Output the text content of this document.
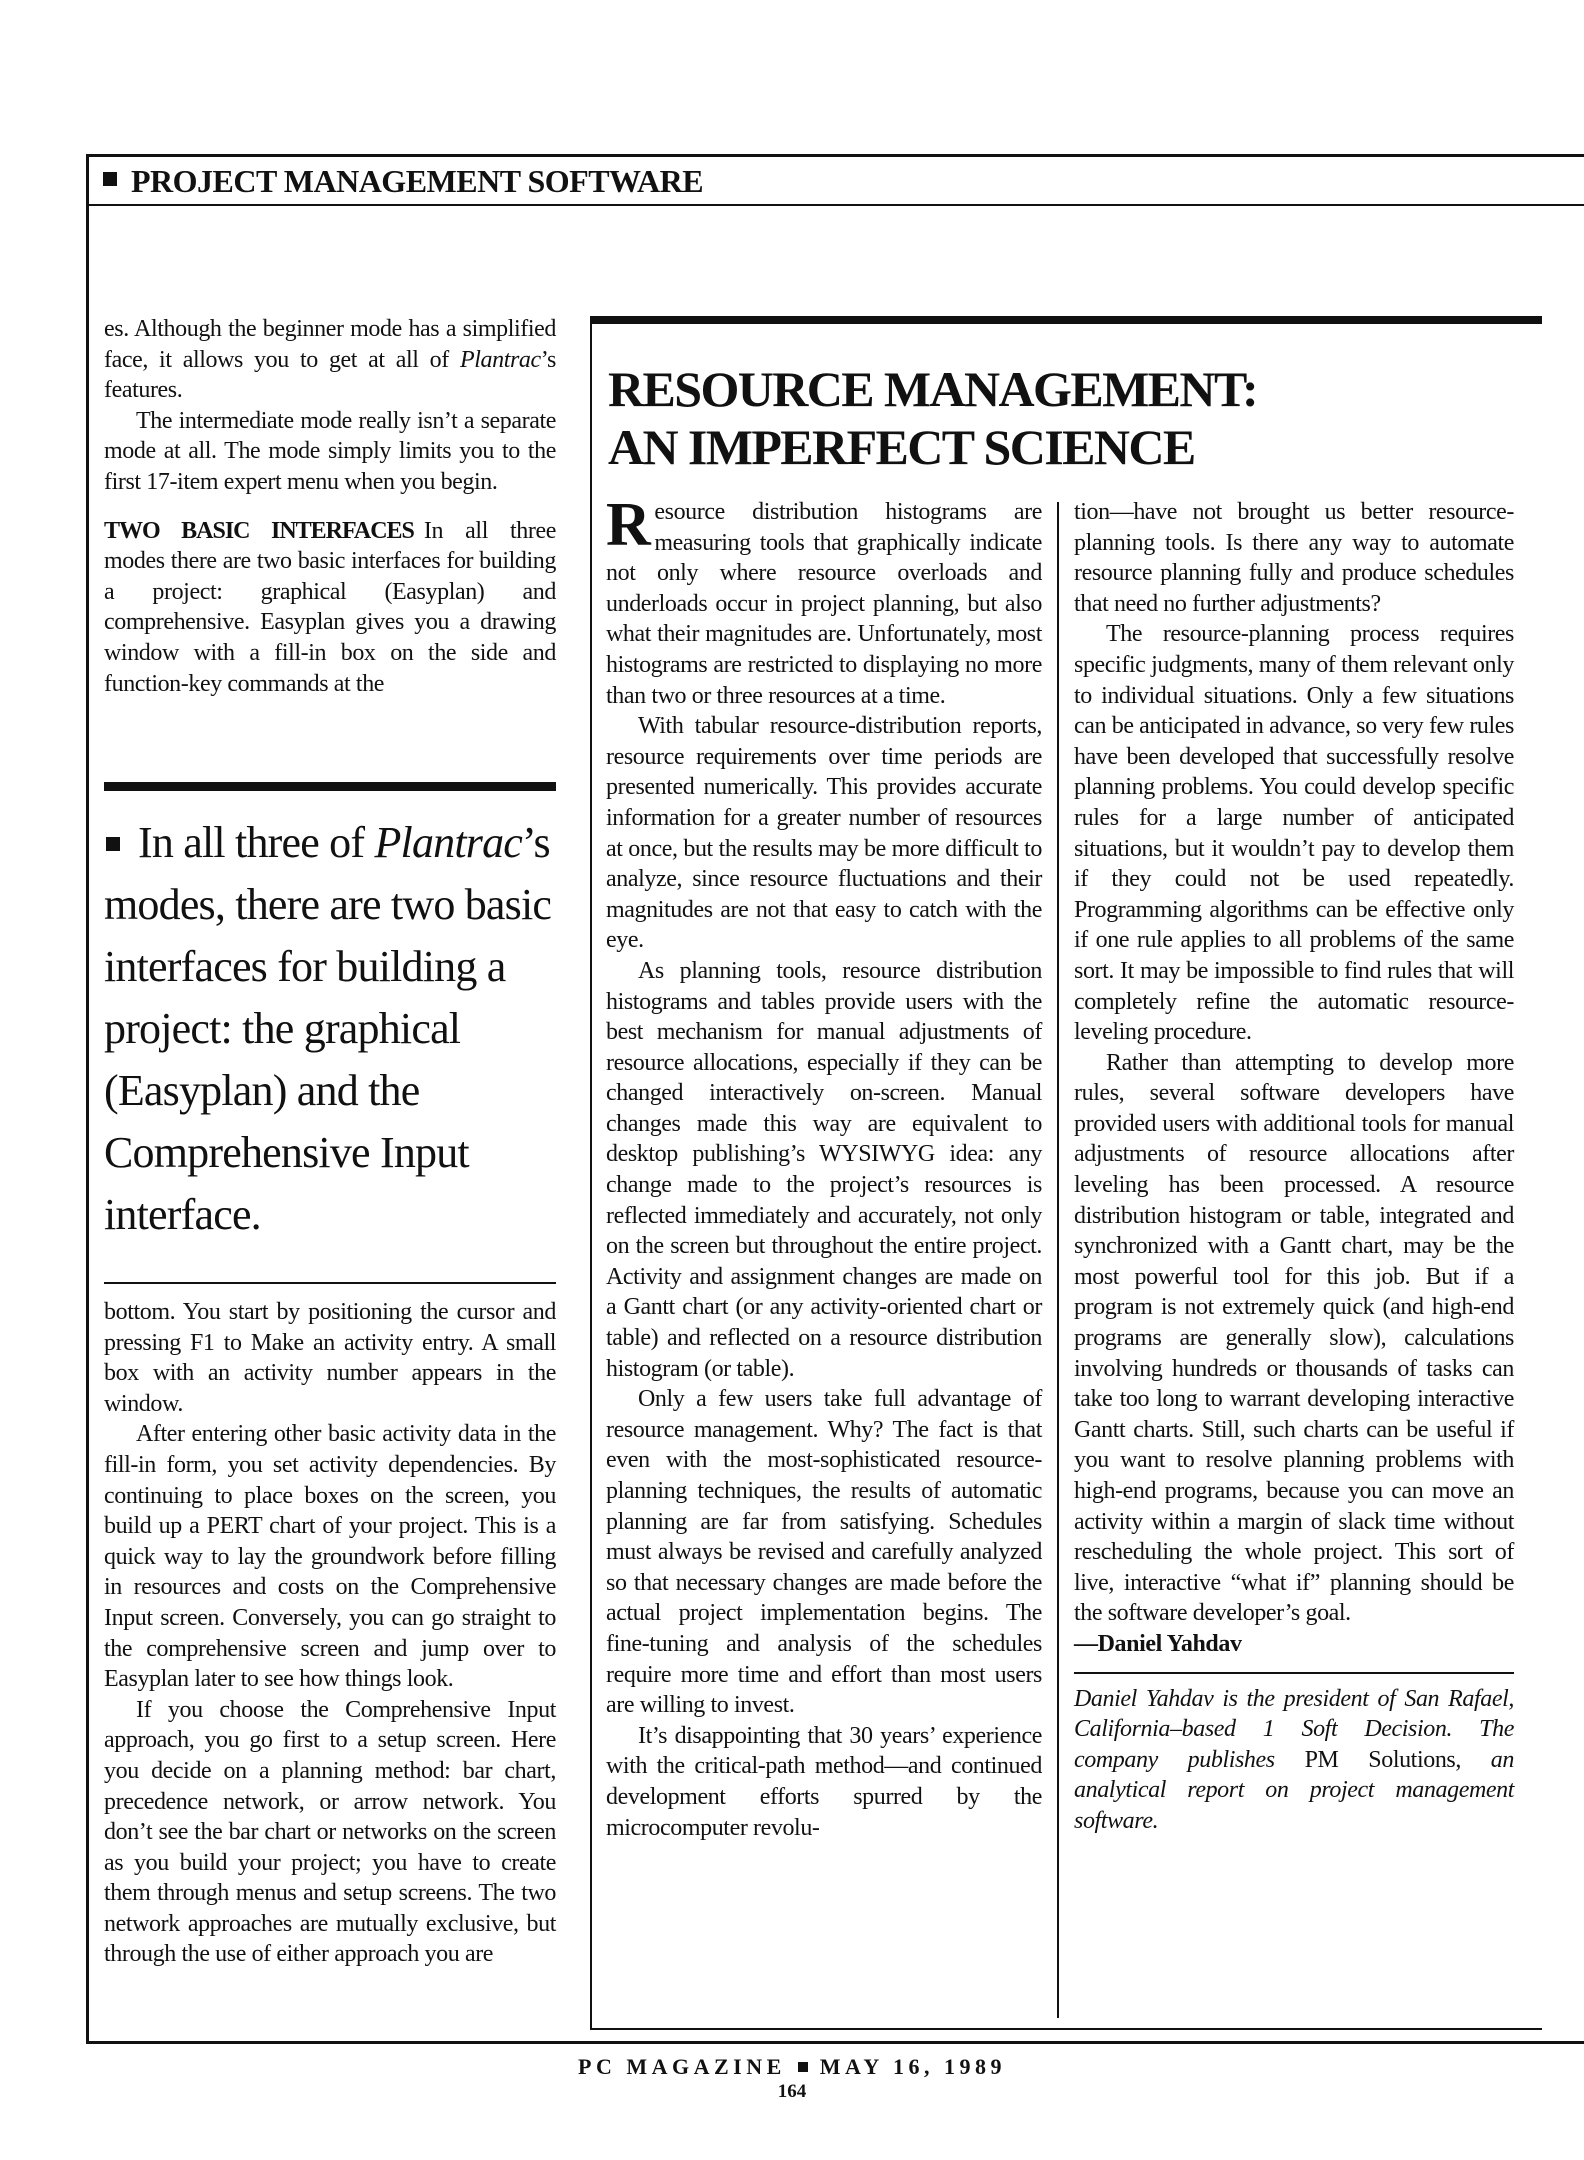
PROJECT MANAGEMENT SOFTWARE

es. Although the beginner mode has a simplified face, it allows you to get at all of Plantrac’s features.

The intermediate mode really isn’t a separate mode at all. The mode simply limits you to the first 17-item expert menu when you begin.

TWO BASIC INTERFACES In all three modes there are two basic interfaces for building a project: graphical (Easyplan) and comprehensive. Easyplan gives you a drawing window with a fill-in box on the side and function-key commands at the

In all three of Plantrac’s modes, there are two basic interfaces for building a project: the graphical (Easyplan) and the Comprehensive Input interface.

bottom. You start by positioning the cursor and pressing F1 to Make an activity entry. A small box with an activity number appears in the window.

After entering other basic activity data in the fill-in form, you set activity dependencies. By continuing to place boxes on the screen, you build up a PERT chart of your project. This is a quick way to lay the groundwork before filling in resources and costs on the Comprehensive Input screen. Conversely, you can go straight to the comprehensive screen and jump over to Easyplan later to see how things look.

If you choose the Comprehensive Input approach, you go first to a setup screen. Here you decide on a planning method: bar chart, precedence network, or arrow network. You don’t see the bar chart or networks on the screen as you build your project; you have to create them through menus and setup screens. The two network approaches are mutually exclusive, but through the use of either approach you are

RESOURCE MANAGEMENT:
AN IMPERFECT SCIENCE

Resource distribution histograms are measuring tools that graphically indicate not only where resource overloads and underloads occur in project planning, but also what their magnitudes are. Unfortunately, most histograms are restricted to displaying no more than two or three resources at a time.

With tabular resource-distribution reports, resource requirements over time periods are presented numerically. This provides accurate information for a greater number of resources at once, but the results may be more difficult to analyze, since resource fluctuations and their magnitudes are not that easy to catch with the eye.

As planning tools, resource distribution histograms and tables provide users with the best mechanism for manual adjustments of resource allocations, especially if they can be changed interactively on-screen. Manual changes made this way are equivalent to desktop publishing’s WYSIWYG idea: any change made to the project’s resources is reflected immediately and accurately, not only on the screen but throughout the entire project. Activity and assignment changes are made on a Gantt chart (or any activity-oriented chart or table) and reflected on a resource distribution histogram (or table).

Only a few users take full advantage of resource management. Why? The fact is that even with the most-sophisticated resource-planning techniques, the results of automatic planning are far from satisfying. Schedules must always be revised and carefully analyzed so that necessary changes are made before the actual project implementation begins. The fine-tuning and analysis of the schedules require more time and effort than most users are willing to invest.

It’s disappointing that 30 years’ experience with the critical-path method—and continued development efforts spurred by the microcomputer revolu-

tion—have not brought us better resource-planning tools. Is there any way to automate resource planning fully and produce schedules that need no further adjustments?

The resource-planning process requires specific judgments, many of them relevant only to individual situations. Only a few situations can be anticipated in advance, so very few rules have been developed that successfully resolve planning problems. You could develop specific rules for a large number of anticipated situations, but it wouldn’t pay to develop them if they could not be used repeatedly. Programming algorithms can be effective only if one rule applies to all problems of the same sort. It may be impossible to find rules that will completely refine the automatic resource-leveling procedure.

Rather than attempting to develop more rules, several software developers have provided users with additional tools for manual adjustments of resource allocations after leveling has been processed. A resource distribution histogram or table, integrated and synchronized with a Gantt chart, may be the most powerful tool for this job. But if a program is not extremely quick (and high-end programs are generally slow), calculations involving hundreds or thousands of tasks can take too long to warrant developing interactive Gantt charts. Still, such charts can be useful if you want to resolve planning problems with high-end programs, because you can move an activity within a margin of slack time without rescheduling the whole project. This sort of live, interactive “what if” planning should be the software developer’s goal.

—Daniel Yahdav

Daniel Yahdav is the president of San Rafael, California–based 1 Soft Decision. The company publishes PM Solutions, an analytical report on project management software.

PC MAGAZINE MAY 16, 1989
164
